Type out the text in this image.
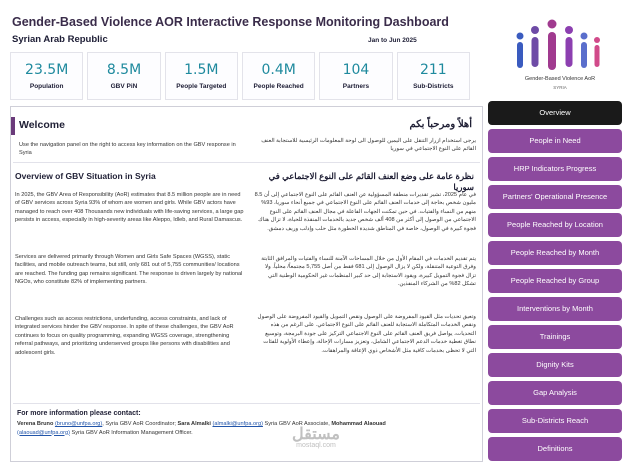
Gender-Based Violence AOR Interactive Response Monitoring Dashboard
Syrian Arab Republic	Jan to Jun 2025
23.5M
Population
8.5M
GBV PiN
1.5M
People Targeted
0.4M
People Reached
104
Partners
211
Sub-Districts
Gender-Based Violence AoR
SYRIA
Welcome	أهلاً ومرحباً بكم
Use the navigation panel on the right to access key information on the GBV response in Syria
يرجى استخدام ازرار التنقل على اليمين للوصول الى لوحة المعلومات الرئيسية للاستجابة العنف القائم على النوع الاجتماعي في سوريا
Overview of GBV Situation in Syria	نظرة عامة على وضع العنف القائم على النوع الاجتماعي في سوريا
In 2025, the GBV Area of Responsibility (AoR) estimates that 8.5 million people are in need of GBV services across Syria 93% of whom are women and girls. While GBV actors have managed to reach over 408 Thousands new individuals with life-saving services, a large gap persists in access, especially in high-severity areas like Aleppo, Idleb, and Rural Damascus.
Services are delivered primarily through Women and Girls Safe Spaces (WGSS), static facilities, and mobile outreach teams, but still, only 681 out of 5,755 communities/ locations are reached. The funding gap remains significant. The response is driven largely by national NGOs, who constitute 82% of implementing partners.
Challenges such as access restrictions, underfunding, access constraints, and lack of integrated services hinder the GBV response. In spite of these challenges, the GBV AoR continues to focus on quality programming, expanding WGSS coverage, strengthening referral pathways, and prioritizing underserved groups like persons with disabilities and adolescent girls.
في عام 2025، تشير تقديرات منطقة المسؤولية عن العنف القائم على النوع الاجتماعي إلى أن 8.5 مليون شخص بحاجة إلى خدمات العنف القائم على النوع الاجتماعي في جميع أنحاء سوريا، 93% منهم من النساء والفتيات. في حين تمكنت الجهات الفاعلة في مجال العنف القائم على النوع الاجتماعي من الوصول إلى أكثر من 408 ألف شخص جديد بالخدمات المنقذة للحياة، لا تزال هناك فجوة كبيرة في الوصول، خاصة في المناطق شديدة الخطورة مثل حلب وإدلب وريف دمشق.
يتم تقديم الخدمات في المقام الأول من خلال المساحات الآمنة للنساء والفتيات والمرافق الثابتة وفرق التوعية المتنقلة، ولكن لا يزال الوصول إلى 681 فقط من أصل 5,755 مجتمعاً/ محلياً. ولا تزال فجوة التمويل كبيرة، ويقود الاستجابة إلى حد كبير المنظمات غير الحكومية الوطنية التي تشكل 82% من الشركاء المنفذين.
وتعيق تحديات مثل القيود المفروضة على الوصول ونقص التمويل والقيود المفروضة على الوصول ونقص الخدمات المتكاملة الاستجابة للعنف القائم على النوع الاجتماعي. على الرغم من هذه التحديات، يواصل فريق العنف القائم على النوع الاجتماعي التركيز على جودة البرمجة، وتوسيع نطاق تغطية خدمات الدعم الاجتماعي الشامل، وتعزيز مسارات الإحالة، وإعطاء الأولوية للفئات التي لا تحظى بخدمات كافية مثل الأشخاص ذوي الإعاقة والمراهقات.
For more information please contact:
Verena Bruno (bruno@unfpa.org), Syria GBV AoR Coordinator; Sara Almalki (almalki@unfpa.org) Syria GBV AoR Associate, Mohammad Alaouad
(alaouad@unfpa.org) Syria GBV AoR Information Management Officer.
Overview
People in Need
HRP Indicators Progress
Partners' Operational Presence
People Reached by Location
People Reached by Month
People Reached by Group
Interventions by Month
Trainings
Dignity Kits
Gap Analysis
Sub-Districts Reach
Definitions
مستقل
mostaql.com
